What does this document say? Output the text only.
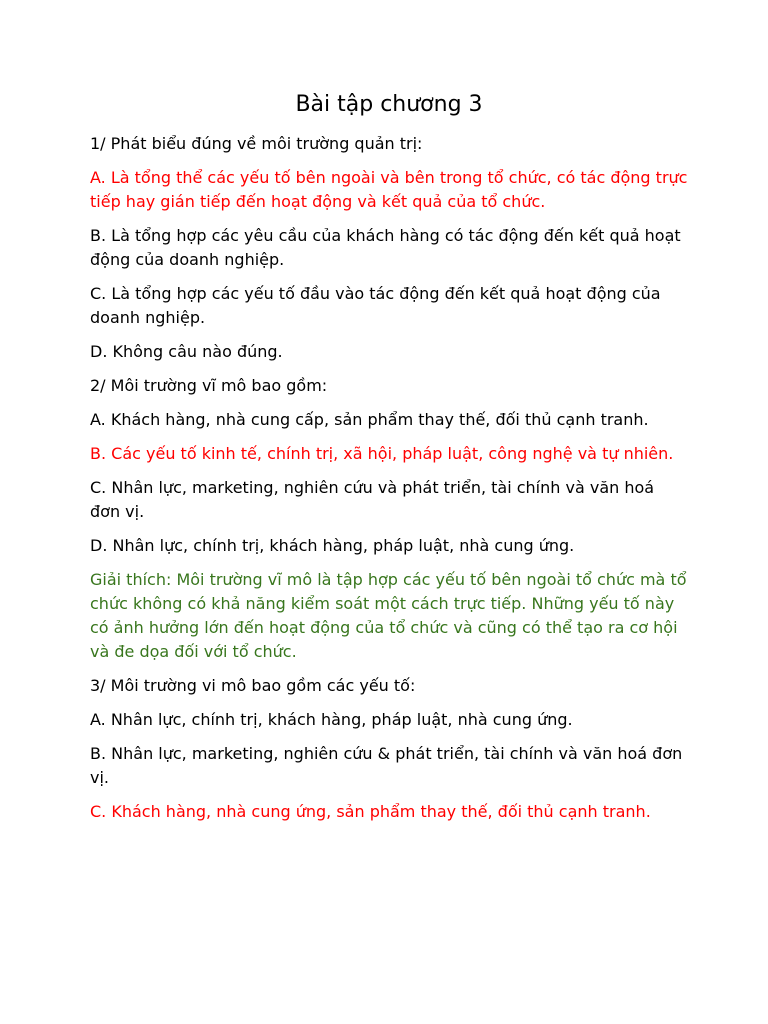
Bài tập chương 3

1/ Phát biểu đúng về môi trường quản trị:

A. Là tổng thể các yếu tố bên ngoài và bên trong tổ chức, có tác động trực tiếp hay gián tiếp đến hoạt động và kết quả của tổ chức.

B. Là tổng hợp các yêu cầu của khách hàng có tác động đến kết quả hoạt động của doanh nghiệp.

C. Là tổng hợp các yếu tố đầu vào tác động đến kết quả hoạt động của doanh nghiệp.

D. Không câu nào đúng.

2/ Môi trường vĩ mô bao gồm:

A. Khách hàng, nhà cung cấp, sản phẩm thay thế, đối thủ cạnh tranh.

B. Các yếu tố kinh tế, chính trị, xã hội, pháp luật, công nghệ và tự nhiên.

C. Nhân lực, marketing, nghiên cứu và phát triển, tài chính và văn hoá đơn vị.

D. Nhân lực, chính trị, khách hàng, pháp luật, nhà cung ứng.

Giải thích: Môi trường vĩ mô là tập hợp các yếu tố bên ngoài tổ chức mà tổ chức không có khả năng kiểm soát một cách trực tiếp. Những yếu tố này có ảnh hưởng lớn đến hoạt động của tổ chức và cũng có thể tạo ra cơ hội và đe dọa đối với tổ chức.

3/ Môi trường vi mô bao gồm các yếu tố:

A. Nhân lực, chính trị, khách hàng, pháp luật, nhà cung ứng.

B. Nhân lực, marketing, nghiên cứu & phát triển, tài chính và văn hoá đơn vị.

C. Khách hàng, nhà cung ứng, sản phẩm thay thế, đối thủ cạnh tranh.
